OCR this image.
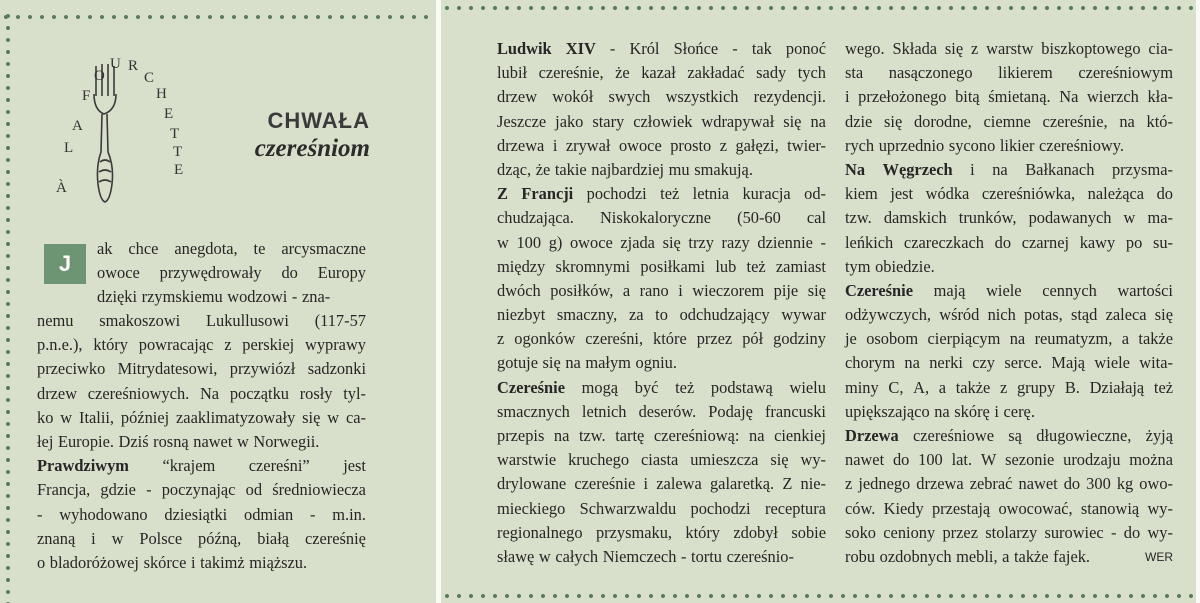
À L A F O U R C H E T T E
CHWAŁA
czereśniom
J
ak chce anegdota, te arcysmaczne
owoce przywędrowały do Europy
dzięki rzymskiemu wodzowi - zna-
nemu smakoszowi Lukullusowi (117-57
p.n.e.), który powracając z perskiej wyprawy
przeciwko Mitrydatesowi, przywiózł sadzonki
drzew czereśniowych. Na początku rosły tyl-
ko w Italii, później zaaklimatyzowały się w ca-
łej Europie. Dziś rosną nawet w Norwegii.
Prawdziwym “krajem czereśni” jest
Francja, gdzie - poczynając od średniowiecza
- wyhodowano dziesiątki odmian - m.in.
znaną i w Polsce późną, białą czereśnię
o bladoróżowej skórce i takimż miąższu.
Ludwik XIV - Król Słońce - tak ponoć
lubił czereśnie, że kazał zakładać sady tych
drzew wokół swych wszystkich rezydencji.
Jeszcze jako stary człowiek wdrapywał się na
drzewa i zrywał owoce prosto z gałęzi, twier-
dząc, że takie najbardziej mu smakują.
Z Francji pochodzi też letnia kuracja od-
chudzająca. Niskokaloryczne (50-60 cal
w 100 g) owoce zjada się trzy razy dziennie -
między skromnymi posiłkami lub też zamiast
dwóch posiłków, a rano i wieczorem pije się
niezbyt smaczny, za to odchudzający wywar
z ogonków czereśni, które przez pół godziny
gotuje się na małym ogniu.
Czereśnie mogą być też podstawą wielu
smacznych letnich deserów. Podaję francuski
przepis na tzw. tartę czereśniową: na cienkiej
warstwie kruchego ciasta umieszcza się wy-
drylowane czereśnie i zalewa galaretką. Z nie-
mieckiego Schwarzwaldu pochodzi receptura
regionalnego przysmaku, który zdobył sobie
sławę w całych Niemczech - tortu czereśnio-
wego. Składa się z warstw biszkoptowego cia-
sta nasączonego likierem czereśniowym
i przełożonego bitą śmietaną. Na wierzch kła-
dzie się dorodne, ciemne czereśnie, na któ-
rych uprzednio sycono likier czereśniowy.
Na Węgrzech i na Bałkanach przysma-
kiem jest wódka czereśniówka, należąca do
tzw. damskich trunków, podawanych w ma-
leńkich czareczkach do czarnej kawy po su-
tym obiedzie.
Czereśnie mają wiele cennych wartości
odżywczych, wśród nich potas, stąd zaleca się
je osobom cierpiącym na reumatyzm, a także
chorym na nerki czy serce. Mają wiele wita-
miny C, A, a także z grupy B. Działają też
upiększająco na skórę i cerę.
Drzewa czereśniowe są długowieczne, żyją
nawet do 100 lat. W sezonie urodzaju można
z jednego drzewa zebrać nawet do 300 kg owo-
ców. Kiedy przestają owocować, stanowią wy-
soko ceniony przez stolarzy surowiec - do wy-
robu ozdobnych mebli, a także fajek.	WER
